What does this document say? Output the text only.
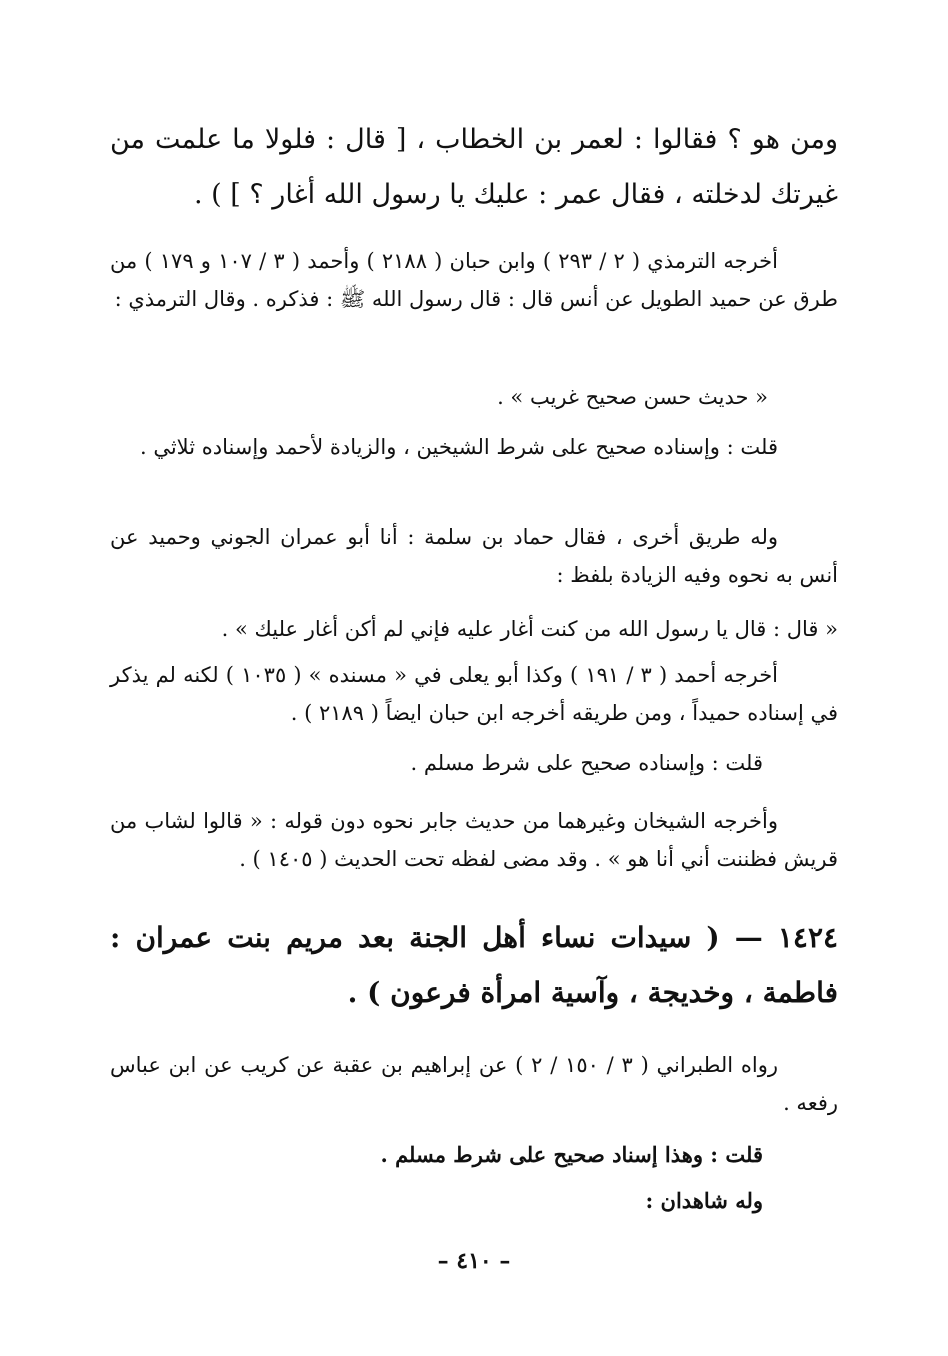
ومن هو ؟ فقالوا : لعمر بن الخطاب ، [ قال : فلولا ما علمت من غيرتك لدخلته ، فقال عمر : عليك يا رسول الله أغار ؟ ] ) .
أخرجه الترمذي ( ٢ / ٢٩٣ ) وابن حبان ( ٢١٨٨ ) وأحمد ( ٣ / ١٠٧ و ١٧٩ ) من طرق عن حميد الطويل عن أنس قال : قال رسول الله ﷺ : فذكره . وقال الترمذي :
« حديث حسن صحيح غريب » .
قلت : وإسناده صحيح على شرط الشيخين ، والزيادة لأحمد وإسناده ثلاثي .
وله طريق أخرى ، فقال حماد بن سلمة : أنا أبو عمران الجوني وحميد عن أنس به نحوه وفيه الزيادة بلفظ :
« قال : قال يا رسول الله من كنت أغار عليه فإني لم أكن أغار عليك » .
أخرجه أحمد ( ٣ / ١٩١ ) وكذا أبو يعلى في « مسنده » ( ١٠٣٥ ) لكنه لم يذكر في إسناده حميداً ، ومن طريقه أخرجه ابن حبان ايضاً ( ٢١٨٩ ) .
قلت : وإسناده صحيح على شرط مسلم .
وأخرجه الشيخان وغيرهما من حديث جابر نحوه دون قوله : « قالوا لشاب من قريش فظننت أني أنا هو » . وقد مضى لفظه تحت الحديث ( ١٤٠٥ ) .
١٤٢٤ — ( سيدات نساء أهل الجنة بعد مريم بنت عمران : فاطمة ، وخديجة ، وآسية امرأة فرعون ) .
رواه الطبراني ( ٣ / ١٥٠ / ٢ ) عن إبراهيم بن عقبة عن كريب عن ابن عباس رفعه .
قلت : وهذا إسناد صحيح على شرط مسلم .
وله شاهدان :
– ٤١٠ –
